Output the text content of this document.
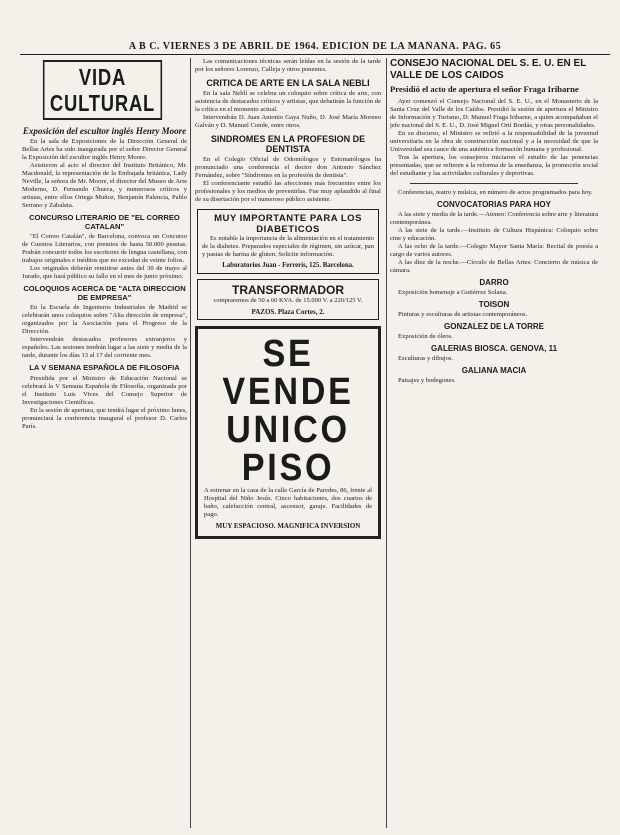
A B C. VIERNES 3 DE ABRIL DE 1964. EDICION DE LA MAÑANA. PAG. 65
VIDA CULTURAL
Exposición del escultor inglés Henry Moore

En la sala de Exposiciones de la Dirección General de Bellas Artes ha sido inaugurada por el señor Director General la Exposición del escultor inglés Henry Moore.

Asistieron al acto el director del Instituto Británico, Mr. Macdonald, la representación de la Embajada británica, Lady Neville, la señora de Mr. Moore, el director del Museo de Arte Moderno, D. Fernando Chueca, y numerosos críticos y artistas, entre ellos Ortega Muñoz, Benjamín Palencia, Pablo Serrano y Zabaleta.

CONCURSO LITERARIO DE "EL CORREO CATALAN"

"El Correo Catalán", de Barcelona, convoca un Concurso de Cuentos Literarios, con premios de hasta 50.000 pesetas. Podrán concurrir todos los escritores de lengua castellana, con trabajos originales e inéditos que no excedan de veinte folios.

Los originales deberán remitirse antes del 30 de mayo al Jurado, que hará público su fallo en el mes de junio próximo.

COLOQUIOS ACERCA DE "ALTA DIRECCION DE EMPRESA"

En la Escuela de Ingenieros Industriales de Madrid se celebrarán unos coloquios sobre "Alta dirección de empresa", organizados por la Asociación para el Progreso de la Dirección.

Intervendrán destacados profesores extranjeros y españoles. Las sesiones tendrán lugar a las siete y media de la tarde, durante los días 13 al 17 del corriente mes.

LA V SEMANA ESPAÑOLA DE FILOSOFIA

Presidida por el Ministro de Educación Nacional se celebrará la V Semana Española de Filosofía, organizada por el Instituto Luis Vives del Consejo Superior de Investigaciones Científicas.

En la sesión de apertura, que tendrá lugar el próximo lunes, pronunciará la conferencia inaugural el profesor D. Carlos París.

Las comunicaciones técnicas serán leídas en la sesión de la tarde por los señores Lorenzo, Calleja y otros ponentes.

CRITICA DE ARTE EN LA SALA NEBLI

En la sala Neblí se celebra un coloquio sobre crítica de arte, con asistencia de destacados críticos y artistas, que debatirán la función de la crítica en el momento actual.

Intervendrán D. Juan Antonio Gaya Nuño, D. José María Moreno Galván y D. Manuel Conde, entre otros.

SINDROMES EN LA PROFESION DE DENTISTA

En el Colegio Oficial de Odontólogos y Estomatólogos ha pronunciado una conferencia el doctor don Antonio Sánchez Fernández, sobre "Síndromes en la profesión de dentista".

El conferenciante estudió las afecciones más frecuentes entre los profesionales y los medios de prevenirlas. Fue muy aplaudido al final de su disertación por el numeroso público asistente.

MUY IMPORTANTE PARA LOS DIABETICOS

Es notable la importancia de la alimentación en el tratamiento de la diabetes. Preparados especiales de régimen, sin azúcar, pan y pastas de harina de gluten. Solicite información.

Laboratorios Juan - Ferrerís, 125. Barcelona.
TRANSFORMADOR
compraremos de 50 a 60 KVA. de 15.000 V. a 220/125 V.
PAZOS. Plaza Cortes, 2.
SE VENDE
UNICO PISO

A estrenar en la casa de la calle García de Paredes, 86, frente al Hospital del Niño Jesús. Cinco habitaciones, dos cuartos de baño, calefacción central, ascensor, garaje. Facilidades de pago.

MUY ESPACIOSO. MAGNIFICA INVERSION
CONSEJO NACIONAL DEL S. E. U. EN EL VALLE DE LOS CAIDOS
Presidió el acto de apertura el señor Fraga Iribarne

Ayer comenzó el Consejo Nacional del S. E. U., en el Monasterio de la Santa Cruz del Valle de los Caídos. Presidió la sesión de apertura el Ministro de Información y Turismo, D. Manuel Fraga Iribarne, a quien acompañaban el jefe nacional del S. E. U., D. José Miguel Ortí Bordás, y otras personalidades.

En su discurso, el Ministro se refirió a la responsabilidad de la juventud universitaria en la obra de construcción nacional y a la necesidad de que la Universidad sea cauce de una auténtica formación humana y profesional.

Tras la apertura, los consejeros iniciaron el estudio de las ponencias presentadas, que se refieren a la reforma de la enseñanza, la promoción social del estudiante y las actividades culturales y deportivas.

Conferencias, teatro y música, en número de actos programados para hoy.

CONVOCATORIAS PARA HOY

A las siete y media de la tarde.—Ateneo: Conferencia sobre arte y literatura contemporánea.

A las siete de la tarde.—Instituto de Cultura Hispánica: Coloquio sobre cine y educación.

A las ocho de la tarde.—Colegio Mayor Santa María: Recital de poesía a cargo de varios autores.

A las diez de la noche.—Círculo de Bellas Artes: Concierto de música de cámara.

DARRO

Exposición homenaje a Gutiérrez Solana.

TOISON

Pinturas y esculturas de artistas contemporáneos.

GONZALEZ DE LA TORRE

Exposición de óleos.

GALERIAS BIOSCA. GENOVA, 11

Esculturas y dibujos.

GALIANA MACIA

Paisajes y bodegones.
